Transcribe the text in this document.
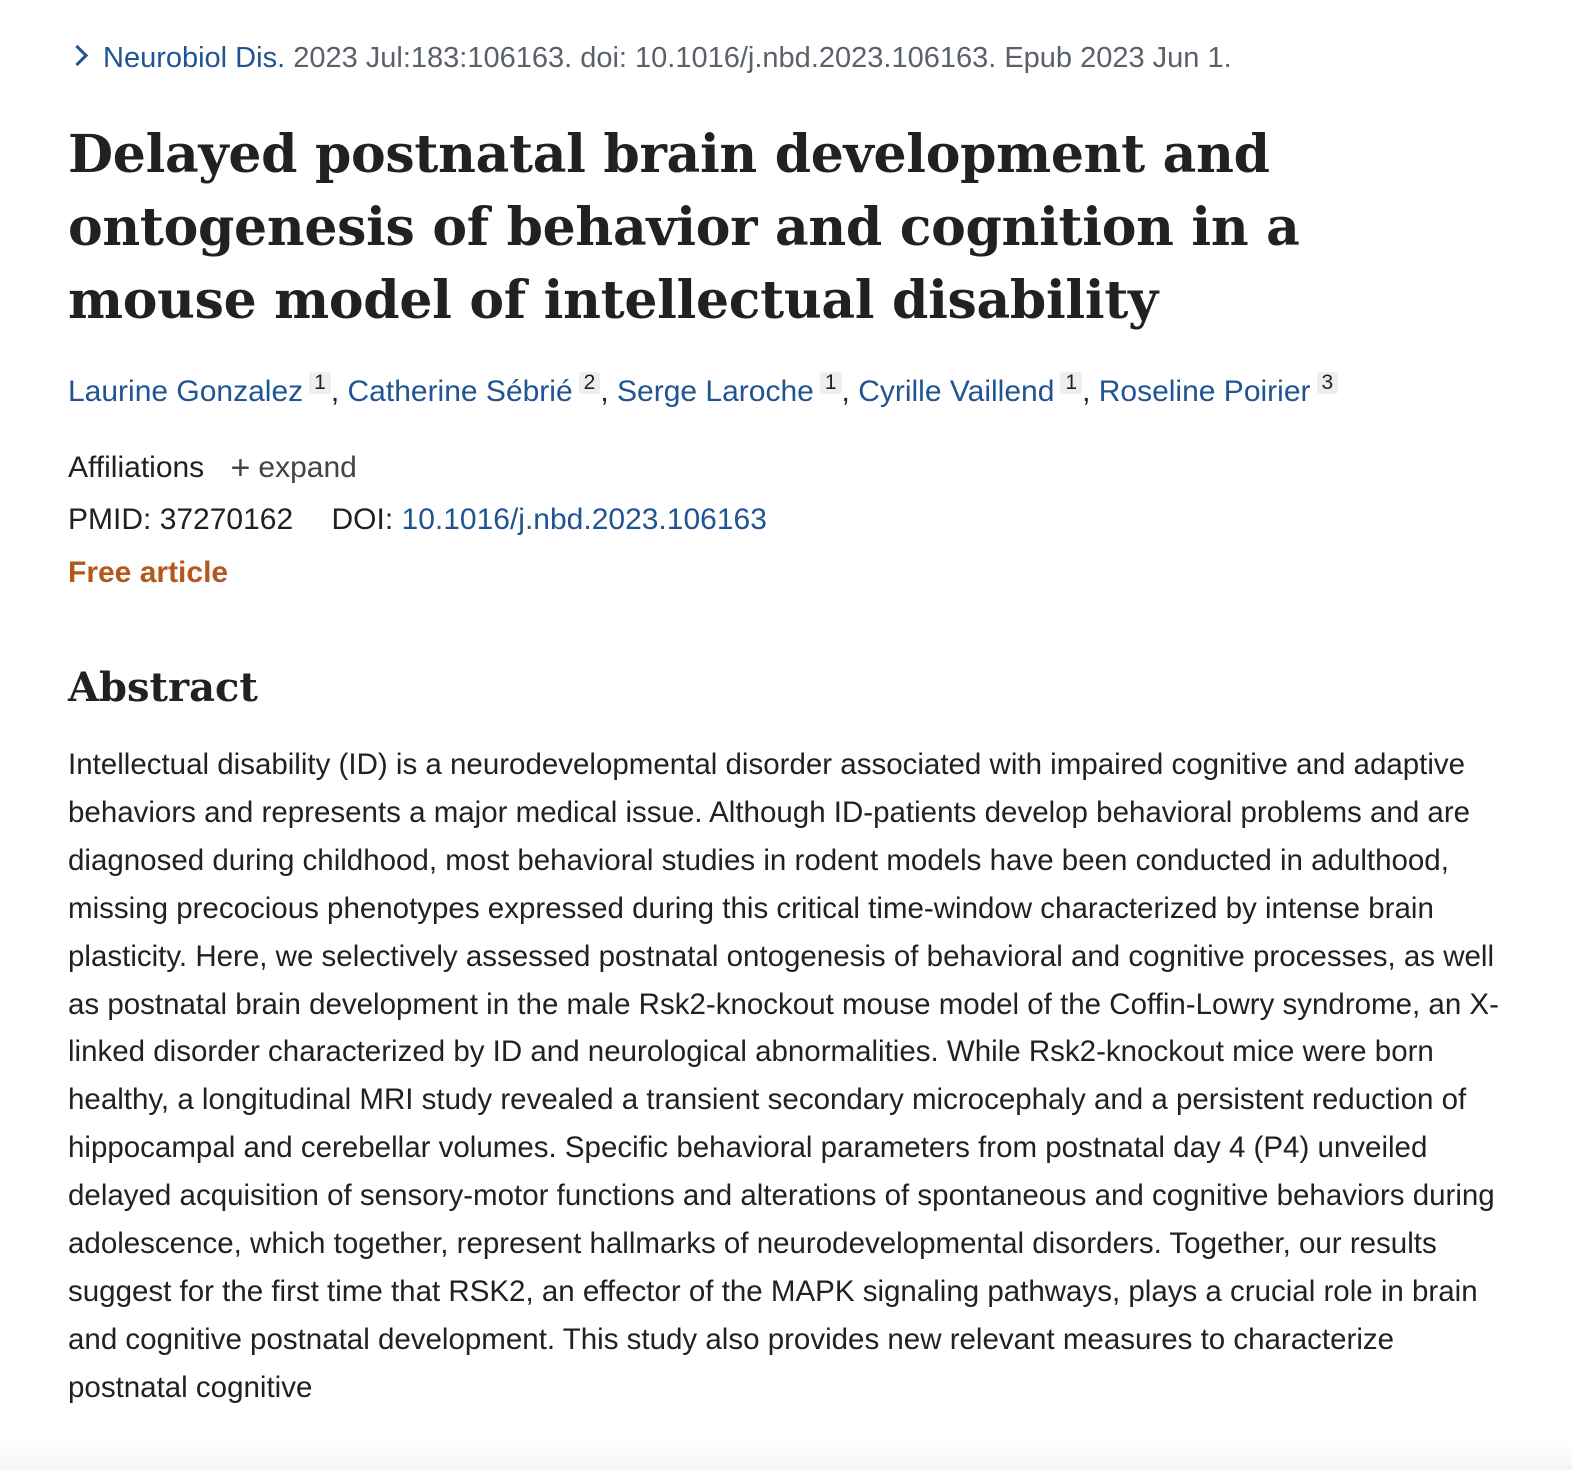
Neurobiol Dis. 2023 Jul:183:106163. doi: 10.1016/j.nbd.2023.106163. Epub 2023 Jun 1.
Delayed postnatal brain development and ontogenesis of behavior and cognition in a mouse model of intellectual disability
Laurine Gonzalez 1 , Catherine Sébrié 2 , Serge Laroche 1 , Cyrille Vaillend 1 , Roseline Poirier 3
Affiliations + expand
PMID: 37270162 DOI: 10.1016/j.nbd.2023.106163
Free article
Abstract

Intellectual disability (ID) is a neurodevelopmental disorder associated with impaired cognitive and adaptive behaviors and represents a major medical issue. Although ID-patients develop behavioral problems and are diagnosed during childhood, most behavioral studies in rodent models have been conducted in adulthood, missing precocious phenotypes expressed during this critical time-window characterized by intense brain plasticity. Here, we selectively assessed postnatal ontogenesis of behavioral and cognitive processes, as well as postnatal brain development in the male Rsk2-knockout mouse model of the Coffin-Lowry syndrome, an X-linked disorder characterized by ID and neurological abnormalities. While Rsk2-knockout mice were born healthy, a longitudinal MRI study revealed a transient secondary microcephaly and a persistent reduction of hippocampal and cerebellar volumes. Specific behavioral parameters from postnatal day 4 (P4) unveiled delayed acquisition of sensory-motor functions and alterations of spontaneous and cognitive behaviors during adolescence, which together, represent hallmarks of neurodevelopmental disorders. Together, our results suggest for the first time that RSK2, an effector of the MAPK signaling pathways, plays a crucial role in brain and cognitive postnatal development. This study also provides new relevant measures to characterize postnatal cognitive
